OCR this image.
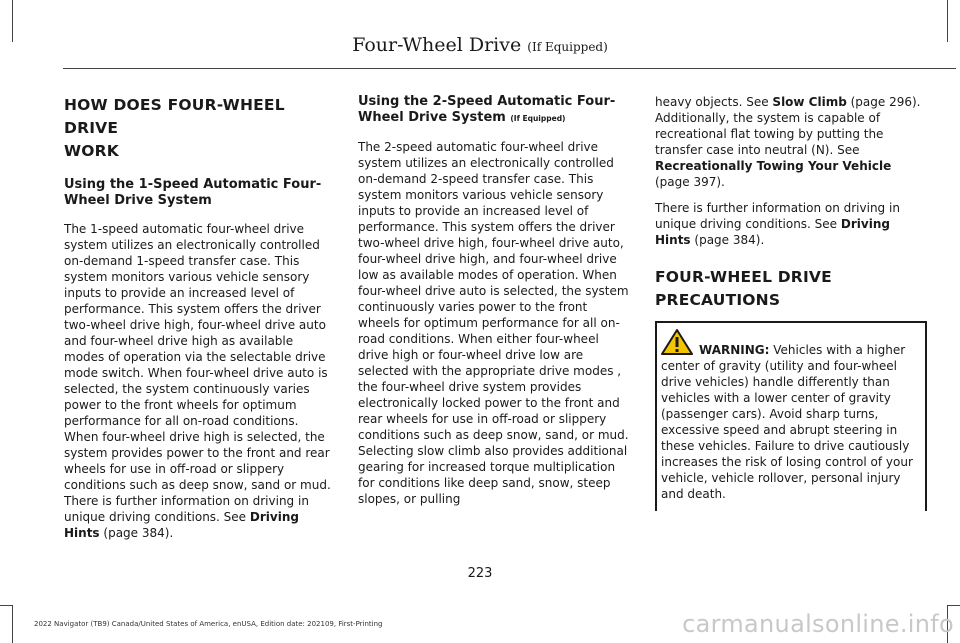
Four-Wheel Drive (If Equipped)

HOW DOES FOUR-WHEEL DRIVE

WORK

Using the 1-Speed Automatic Four-Wheel Drive System

The 1-speed automatic four-wheel drive system utilizes an electronically controlled on-demand 1-speed transfer case. This system monitors various vehicle sensory inputs to provide an increased level of performance. This system offers the driver two-wheel drive high, four-wheel drive auto and four-wheel drive high as available modes of operation via the selectable drive mode switch. When four-wheel drive auto is selected, the system continuously varies power to the front wheels for optimum performance for all on-road conditions. When four-wheel drive high is selected, the system provides power to the front and rear wheels for use in off-road or slippery conditions such as deep snow, sand or mud. There is further information on driving in unique driving conditions. See Driving Hints (page 384).

Using the 2-Speed Automatic Four-Wheel Drive System (If Equipped)

The 2-speed automatic four-wheel drive system utilizes an electronically controlled on-demand 2-speed transfer case. This system monitors various vehicle sensory inputs to provide an increased level of performance. This system offers the driver two-wheel drive high, four-wheel drive auto, four-wheel drive high, and four-wheel drive low as available modes of operation. When four-wheel drive auto is selected, the system continuously varies power to the front wheels for optimum performance for all on-road conditions. When either four-wheel drive high or four-wheel drive low are selected with the appropriate drive modes , the four-wheel drive system provides electronically locked power to the front and rear wheels for use in off-road or slippery conditions such as deep snow, sand, or mud. Selecting slow climb also provides additional gearing for increased torque multiplication for conditions like deep sand, snow, steep slopes, or pulling

heavy objects. See Slow Climb (page 296). Additionally, the system is capable of recreational flat towing by putting the transfer case into neutral (N). See Recreationally Towing Your Vehicle (page 397).

There is further information on driving in unique driving conditions. See Driving Hints (page 384).

FOUR-WHEEL DRIVE

PRECAUTIONS

WARNING: Vehicles with a higher center of gravity (utility and four-wheel drive vehicles) handle differently than vehicles with a lower center of gravity (passenger cars). Avoid sharp turns, excessive speed and abrupt steering in these vehicles. Failure to drive cautiously increases the risk of losing control of your vehicle, vehicle rollover, personal injury and death.
223
2022 Navigator (TB9) Canada/United States of America, enUSA, Edition date: 202109, First-Printing	carmanualsonline.info
